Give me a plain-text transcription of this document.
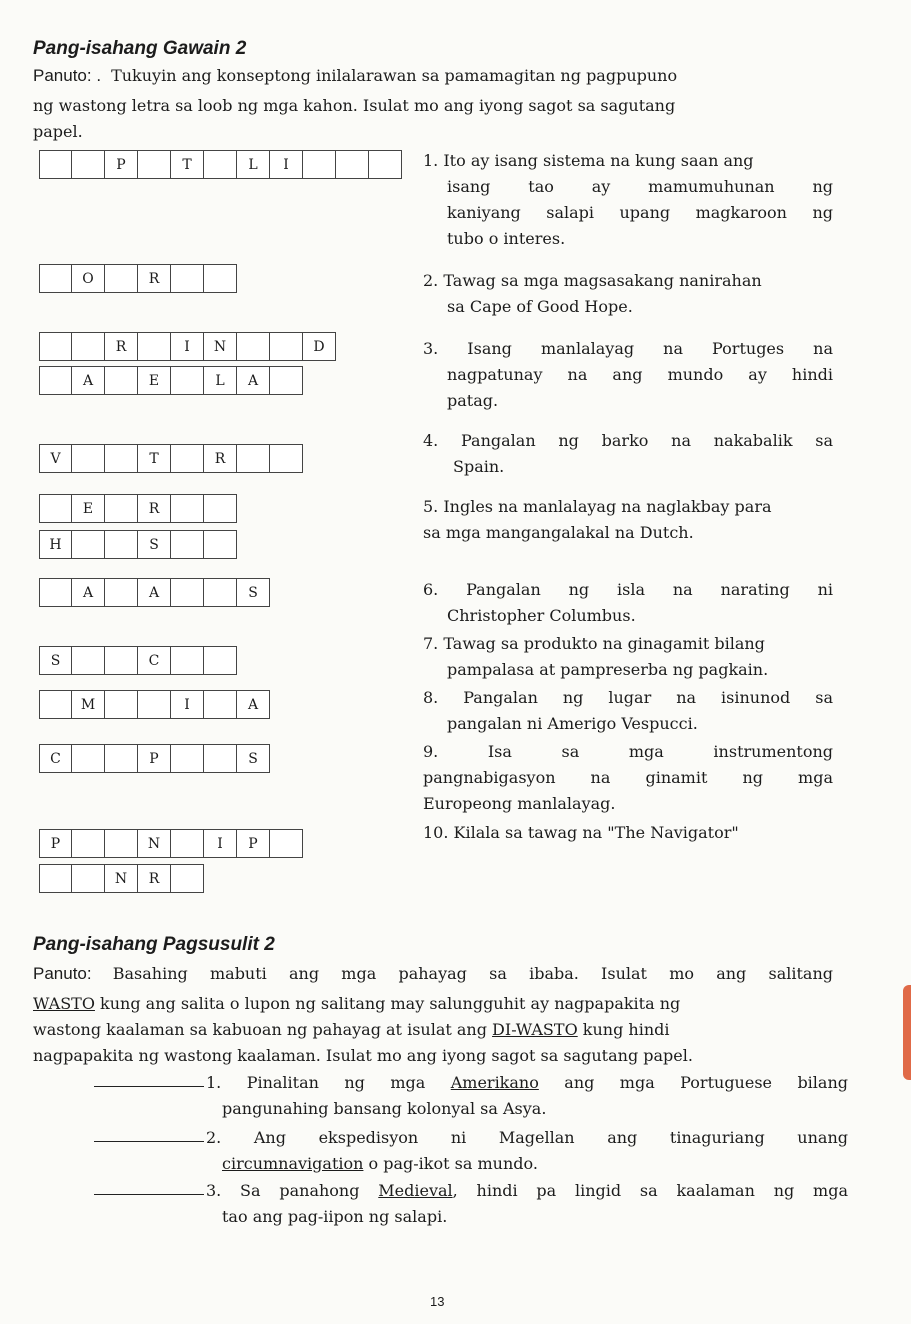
Pang-isahang Gawain 2
Panuto: . Tukuyin ang konseptong inilalarawan sa pamamagitan ng pagpupuno
ng wastong letra sa loob ng mga kahon. Isulat mo ang iyong sagot sa sagutang
papel.
P	T	L	I
O	R
R	I	N	D
A	E	L	A
V	T	R
E	R
H	S
A	A	S
S	C
M	I	A
C	P	S
P	N	I	P
N	R
1. Ito ay isang sistema na kung saan ang
isang tao ay mamumuhunan ng
kaniyang salapi upang magkaroon ng
tubo o interes.
2. Tawag sa mga magsasakang nanirahan
sa Cape of Good Hope.
3. Isang manlalayag na Portuges na
nagpatunay na ang mundo ay hindi
patag.
4. Pangalan ng barko na nakabalik sa
Spain.
5. Ingles na manlalayag na naglakbay para
sa mga mangangalakal na Dutch.
6. Pangalan ng isla na narating ni
Christopher Columbus.
7. Tawag sa produkto na ginagamit bilang
pampalasa at pampreserba ng pagkain.
8. Pangalan ng lugar na isinunod sa
pangalan ni Amerigo Vespucci.
9. Isa sa mga instrumentong
pangnabigasyon na ginamit ng mga
Europeong manlalayag.
10. Kilala sa tawag na "The Navigator"
Pang-isahang Pagsusulit 2
Panuto: Basahing mabuti ang mga pahayag sa ibaba. Isulat mo ang salitang
WASTO kung ang salita o lupon ng salitang may salungguhit ay nagpapakita ng
wastong kaalaman sa kabuoan ng pahayag at isulat ang DI-WASTO kung hindi
nagpapakita ng wastong kaalaman. Isulat mo ang iyong sagot sa sagutang papel.
1. Pinalitan ng mga Amerikano ang mga Portuguese bilang
pangunahing bansang kolonyal sa Asya.
2. Ang ekspedisyon ni Magellan ang tinaguriang unang
circumnavigation o pag-ikot sa mundo.
3. Sa panahong Medieval, hindi pa lingid sa kaalaman ng mga
tao ang pag-iipon ng salapi.
13
